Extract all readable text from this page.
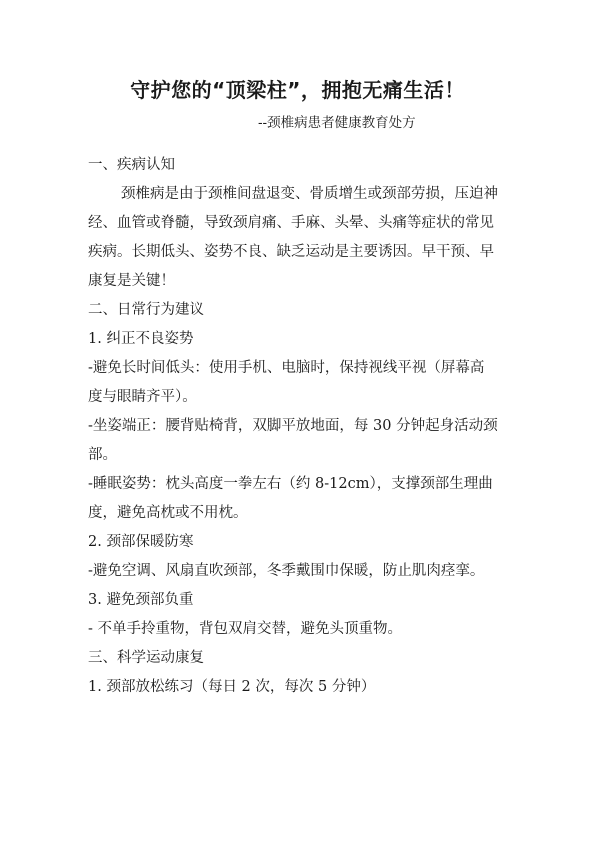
守护您的“顶梁柱”，拥抱无痛生活！
--颈椎病患者健康教育处方
一、疾病认知
颈椎病是由于颈椎间盘退变、骨质增生或颈部劳损，压迫神
经、血管或脊髓，导致颈肩痛、手麻、头晕、头痛等症状的常见
疾病。长期低头、姿势不良、缺乏运动是主要诱因。早干预、早
康复是关键！
二、日常行为建议
1. 纠正不良姿势
-避免长时间低头：使用手机、电脑时，保持视线平视（屏幕高
度与眼睛齐平）。
-坐姿端正：腰背贴椅背，双脚平放地面，每 30 分钟起身活动颈
部。
-睡眠姿势：枕头高度一拳左右（约 8-12cm），支撑颈部生理曲
度，避免高枕或不用枕。
2. 颈部保暖防寒
-避免空调、风扇直吹颈部，冬季戴围巾保暖，防止肌肉痉挛。
3. 避免颈部负重
- 不单手拎重物，背包双肩交替，避免头顶重物。
三、科学运动康复
1. 颈部放松练习（每日 2 次，每次 5 分钟）
